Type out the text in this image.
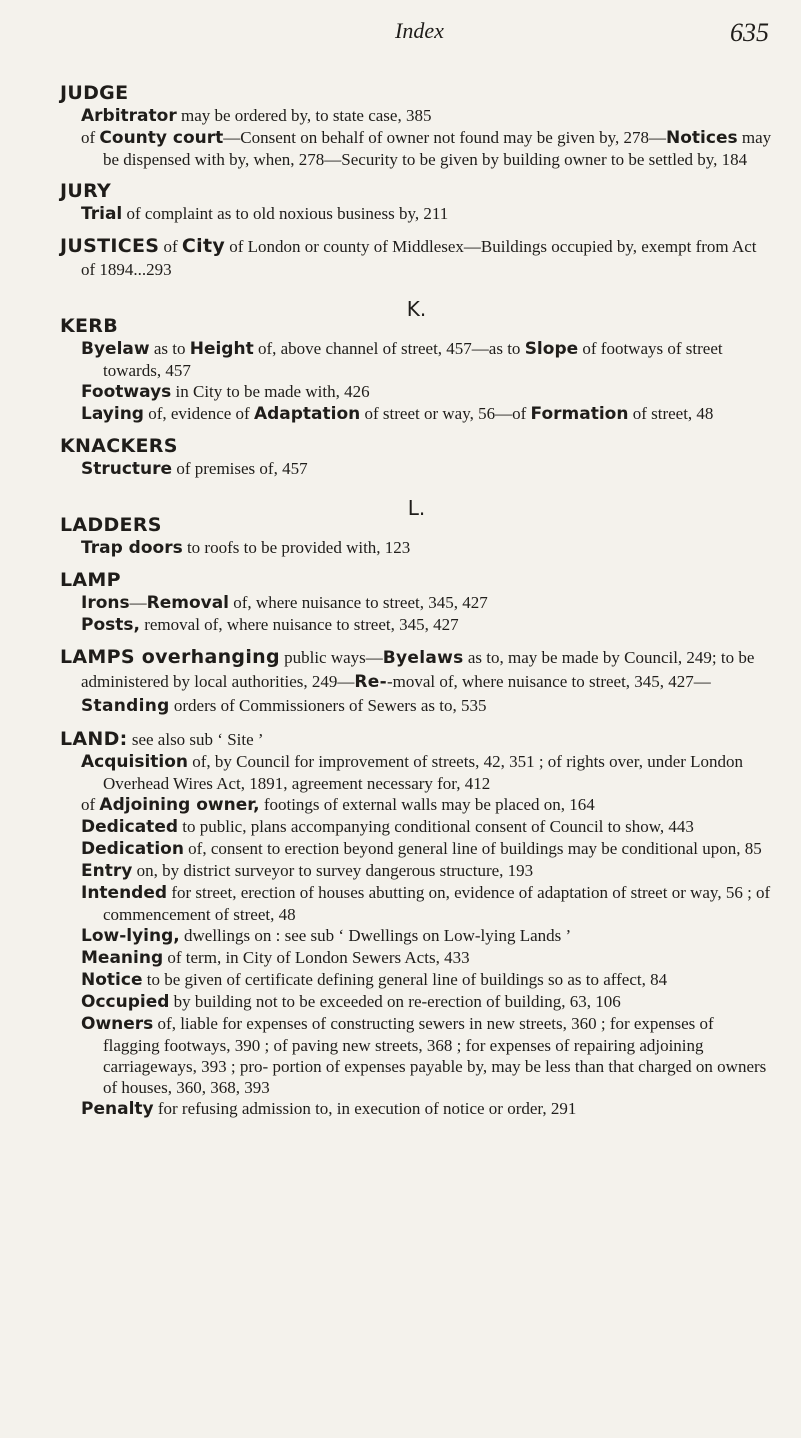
Index	635
JUDGE
Arbitrator may be ordered by, to state case, 385
of County court—Consent on behalf of owner not found may be given by, 278—Notices may be dispensed with by, when, 278—Security to be given by building owner to be settled by, 184
JURY
Trial of complaint as to old noxious business by, 211
JUSTICES of City of London or county of Middlesex—Buildings occupied by, exempt from Act of 1894...293
K.
KERB
Byelaw as to Height of, above channel of street, 457—as to Slope of footways of street towards, 457
Footways in City to be made with, 426
Laying of, evidence of Adaptation of street or way, 56—of Formation of street, 48
KNACKERS
Structure of premises of, 457
L.
LADDERS
Trap doors to roofs to be provided with, 123
LAMP
Irons—Removal of, where nuisance to street, 345, 427
Posts, removal of, where nuisance to street, 345, 427
LAMPS overhanging public ways—Byelaws as to, may be made by Council, 249; to be administered by local authorities, 249—Re--moval of, where nuisance to street, 345, 427—Standing orders of Commissioners of Sewers as to, 535
LAND: see also sub ‘ Site ’
Acquisition of, by Council for improvement of streets, 42, 351 ; of rights over, under London Overhead Wires Act, 1891, agreement necessary for, 412
of Adjoining owner, footings of external walls may be placed on, 164
Dedicated to public, plans accompanying conditional consent of Council to show, 443
Dedication of, consent to erection beyond general line of buildings may be conditional upon, 85
Entry on, by district surveyor to survey dangerous structure, 193
Intended for street, erection of houses abutting on, evidence of adaptation of street or way, 56 ; of commencement of street, 48
Low-lying, dwellings on : see sub ‘ Dwellings on Low-lying Lands ’
Meaning of term, in City of London Sewers Acts, 433
Notice to be given of certificate defining general line of buildings so as to affect, 84
Occupied by building not to be exceeded on re-erection of building, 63, 106
Owners of, liable for expenses of constructing sewers in new streets, 360 ; for expenses of flagging footways, 390 ; of paving new streets, 368 ; for expenses of repairing adjoining carriageways, 393 ; pro- portion of expenses payable by, may be less than that charged on owners of houses, 360, 368, 393
Penalty for refusing admission to, in execution of notice or order, 291
